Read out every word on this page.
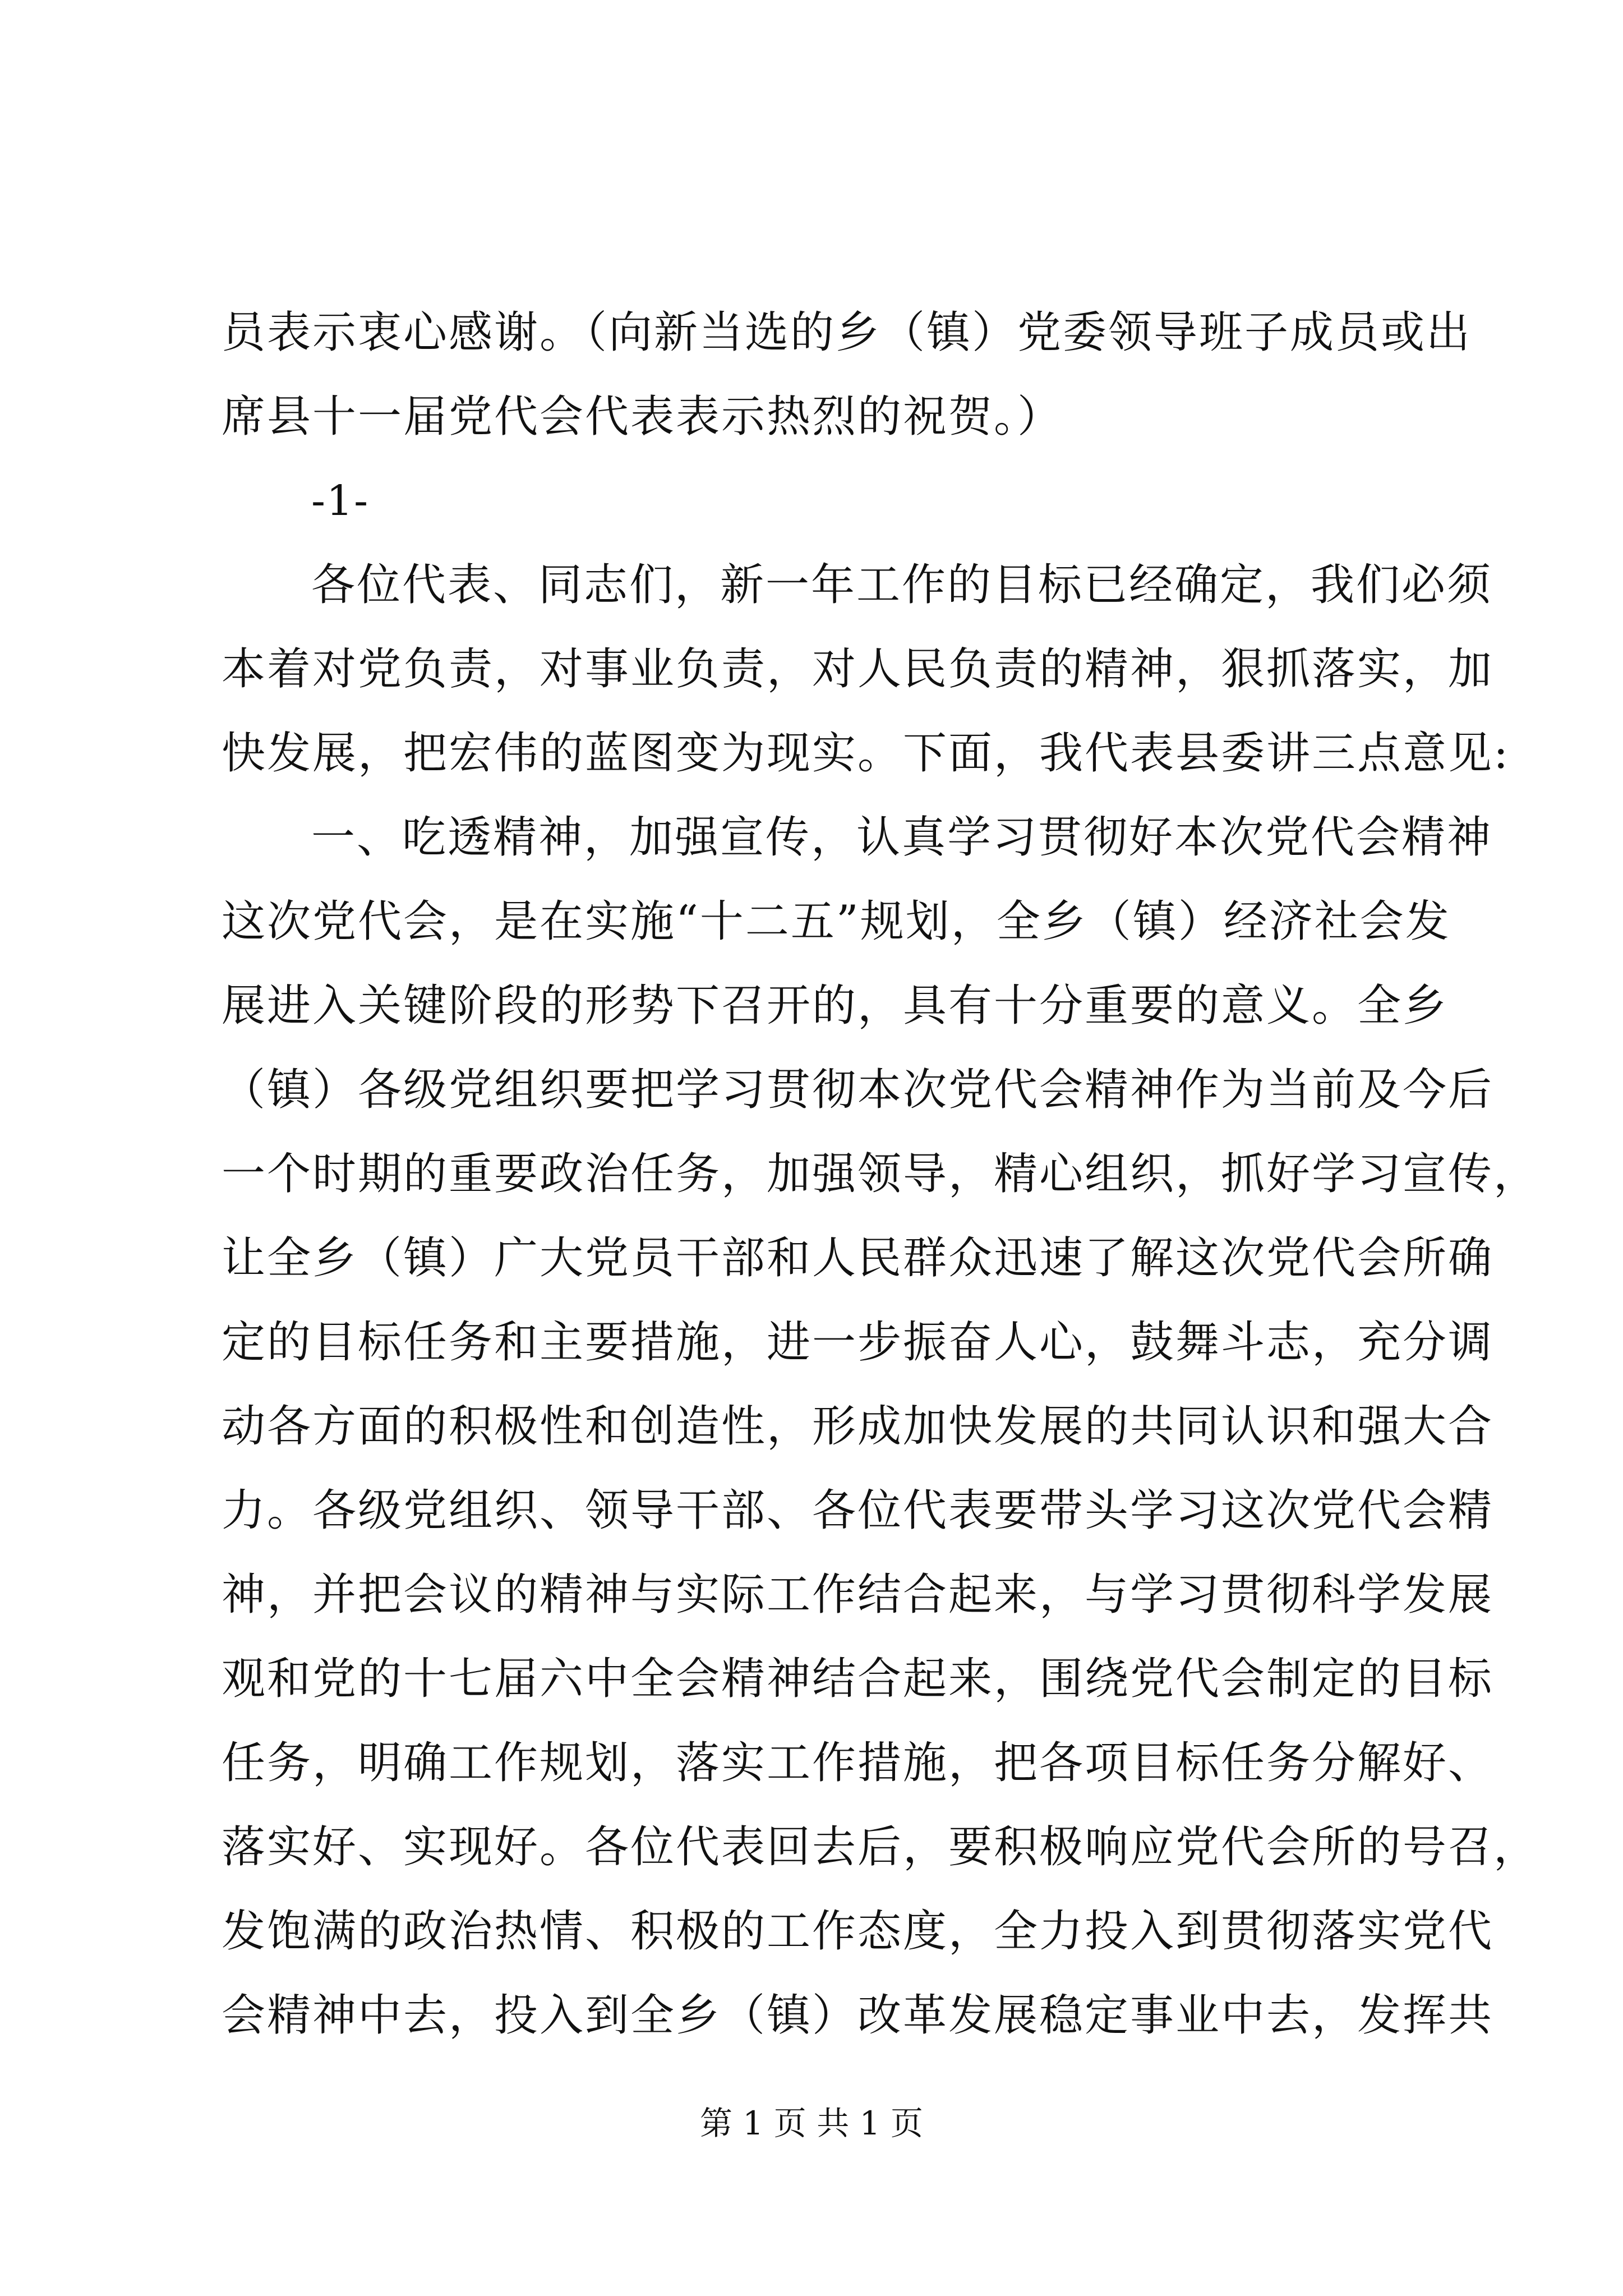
员表示衷心感谢。（向新当选的乡（镇）党委领导班子成员或出
席县十一届党代会代表表示热烈的祝贺。）
-1-
各位代表、同志们，新一年工作的目标已经确定，我们必须
本着对党负责，对事业负责，对人民负责的精神，狠抓落实，加
快发展，把宏伟的蓝图变为现实。下面，我代表县委讲三点意见:
一、吃透精神，加强宣传，认真学习贯彻好本次党代会精神
这次党代会，是在实施“十二五”规划，全乡（镇）经济社会发
展进入关键阶段的形势下召开的，具有十分重要的意义。全乡
（镇）各级党组织要把学习贯彻本次党代会精神作为当前及今后
一个时期的重要政治任务，加强领导，精心组织，抓好学习宣传，
让全乡（镇）广大党员干部和人民群众迅速了解这次党代会所确
定的目标任务和主要措施，进一步振奋人心，鼓舞斗志，充分调
动各方面的积极性和创造性，形成加快发展的共同认识和强大合
力。各级党组织、领导干部、各位代表要带头学习这次党代会精
神，并把会议的精神与实际工作结合起来，与学习贯彻科学发展
观和党的十七届六中全会精神结合起来，围绕党代会制定的目标
任务，明确工作规划，落实工作措施，把各项目标任务分解好、
落实好、实现好。各位代表回去后，要积极响应党代会所的号召，
发饱满的政治热情、积极的工作态度，全力投入到贯彻落实党代
会精神中去，投入到全乡（镇）改革发展稳定事业中去，发挥共
第 1 页 共 1 页
